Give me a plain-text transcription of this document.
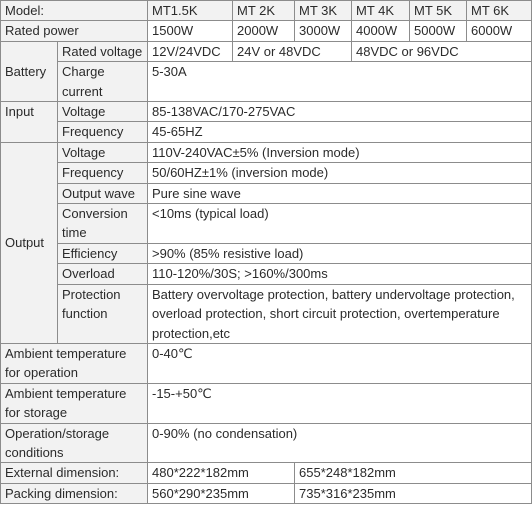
Model:		MT1.5K	MT 2K	MT 3K	MT 4K	MT 5K	MT 6K
Rated power		1500W	2000W	3000W	4000W	5000W	6000W
Battery	Rated voltage	12V/24VDC	24V or 48VDC		48VDC or 96VDC		
	Charge current	5-30A					
Input	Voltage	85-138VAC/170-275VAC					
	Frequency	45-65HZ					
Output	Voltage	110V-240VAC±5% (Inversion mode)					
	Frequency	50/60HZ±1% (inversion mode)					
	Output wave	Pure sine wave					
	Conversion time	<10ms (typical load)					
	Efficiency	>90% (85% resistive load)					
	Overload	110-120%/30S; >160%/300ms					
	Protection function	Battery overvoltage protection, battery undervoltage protection, overload protection, short circuit protection, overtemperature protection,etc					
Ambient temperature for operation		0-40℃					
Ambient temperature for storage		-15-+50℃					
Operation/storage conditions		0-90% (no condensation)					
External dimension:		480*222*182mm		655*248*182mm			
Packing dimension:		560*290*235mm		735*316*235mm			
